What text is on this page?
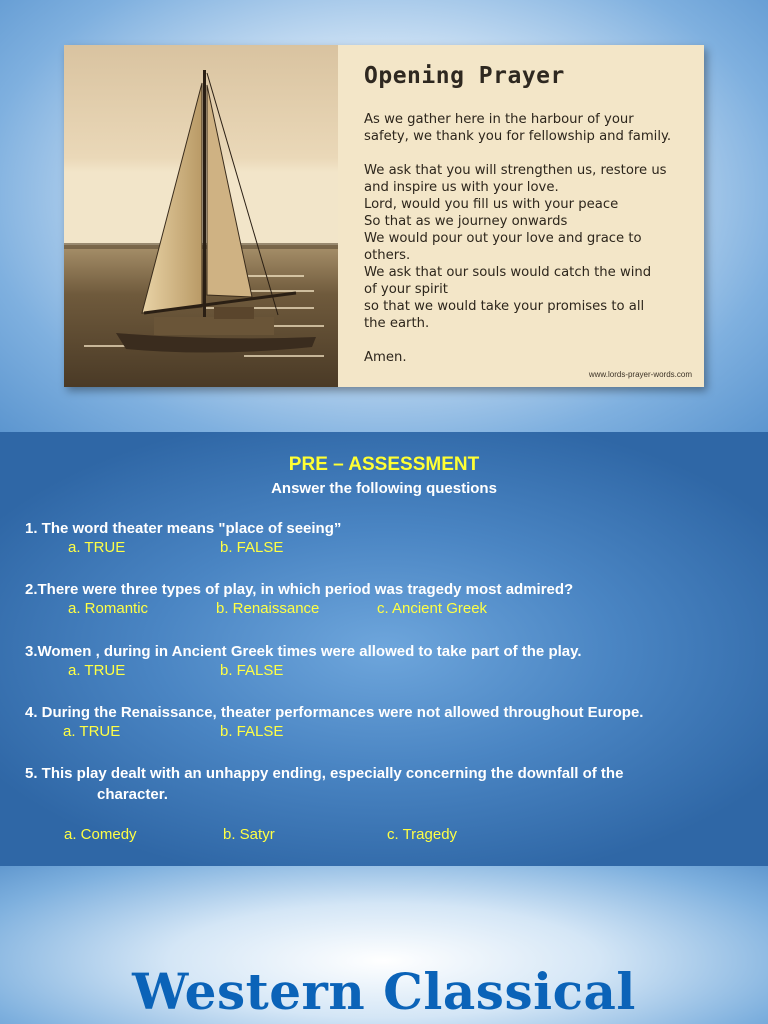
Opening Prayer

As we gather here in the harbour of your
safety, we thank you for fellowship and family.

We ask that you will strengthen us, restore us
and inspire us with your love.
Lord, would you fill us with your peace
So that as we journey onwards
We would pour out your love and grace to
others.
We ask that our souls would catch the wind
of your spirit
so that we would take your promises to all
the earth.

Amen.

www.lords-prayer-words.com
PRE – ASSESSMENT
Answer the following questions
1. The word theater means "place of seeing”
a. TRUE	b. FALSE
2.There were three types of play, in which period was tragedy most admired?
a. Romantic	b. Renaissance	c. Ancient Greek
3.Women , during in Ancient Greek times were allowed to take part of the play.
a. TRUE	b. FALSE
4. During the Renaissance, theater performances were not allowed throughout Europe.
a. TRUE	b. FALSE
5. This play dealt with an unhappy ending, especially concerning the downfall of the
character.
a. Comedy	b. Satyr	c. Tragedy
Western Classical
